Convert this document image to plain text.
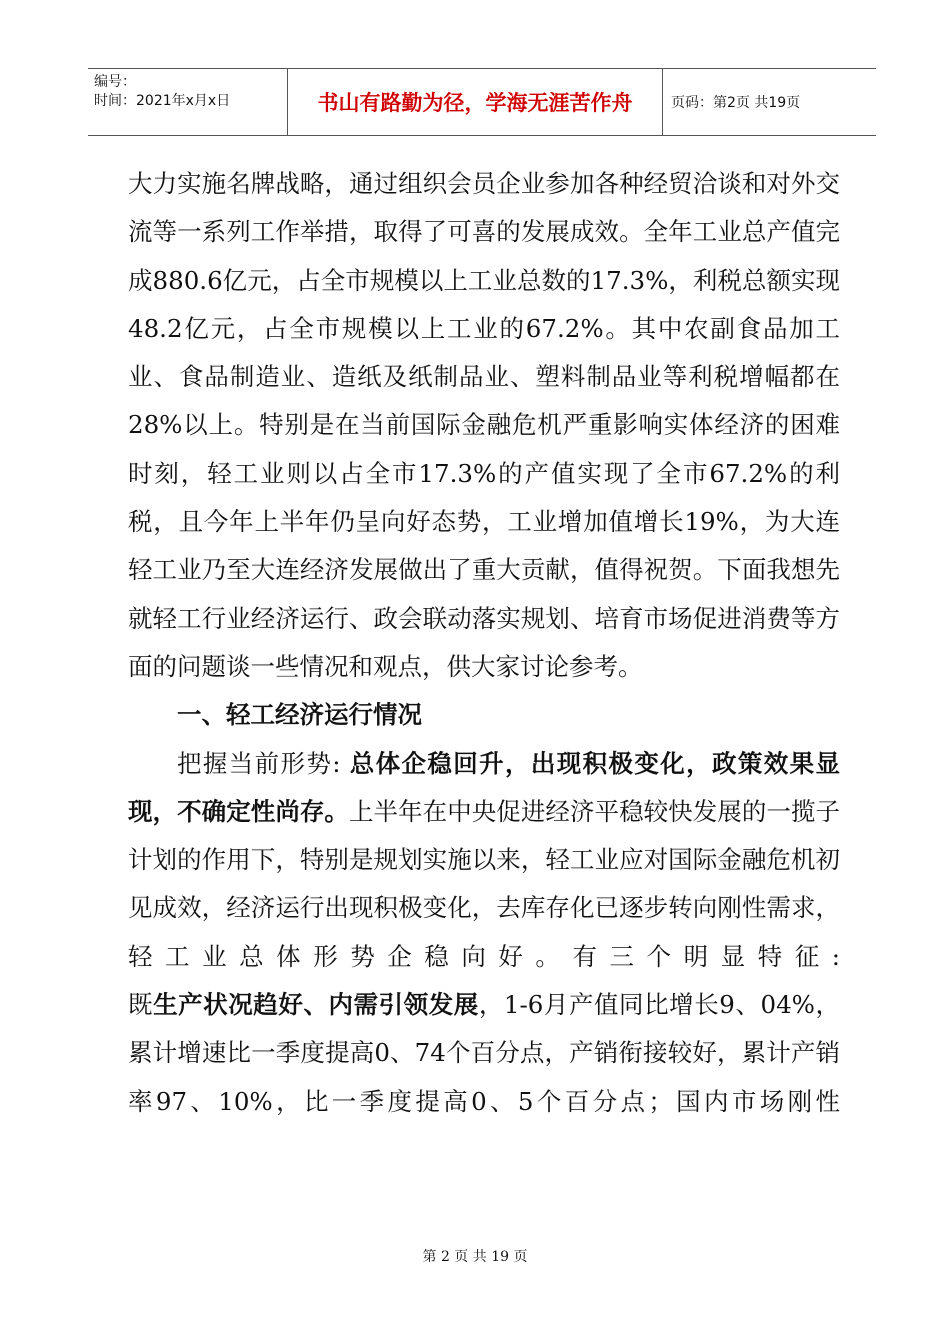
编号：
时间：2021年x月x日	书山有路勤为径，学海无涯苦作舟	页码：第2页 共19页

大力实施名牌战略，通过组织会员企业参加各种经贸洽谈和对外交流等一系列工作举措，取得了可喜的发展成效。全年工业总产值完成880.6亿元，占全市规模以上工业总数的17.3%，利税总额实现48.2亿元，占全市规模以上工业的67.2%。其中农副食品加工业、食品制造业、造纸及纸制品业、塑料制品业等利税增幅都在28%以上。特别是在当前国际金融危机严重影响实体经济的困难时刻，轻工业则以占全市17.3%的产值实现了全市67.2%的利税，且今年上半年仍呈向好态势，工业增加值增长19%，为大连轻工业乃至大连经济发展做出了重大贡献，值得祝贺。下面我想先就轻工行业经济运行、政会联动落实规划、培育市场促进消费等方面的问题谈一些情况和观点，供大家讨论参考。

一、轻工经济运行情况

把握当前形势: 总体企稳回升，出现积极变化，政策效果显现，不确定性尚存。上半年在中央促进经济平稳较快发展的一揽子计划的作用下，特别是规划实施以来，轻工业应对国际金融危机初见成效，经济运行出现积极变化，去库存化已逐步转向刚性需求，轻工业总体形势企稳向好。有三个明显特征:

既生产状况趋好、内需引领发展，1-6月产值同比增长9、04%，累计增速比一季度提高0、74个百分点，产销衔接较好，累计产销率97、10%，比一季度提高0、5个百分点；国内市场刚性

第 2 页 共 19 页
